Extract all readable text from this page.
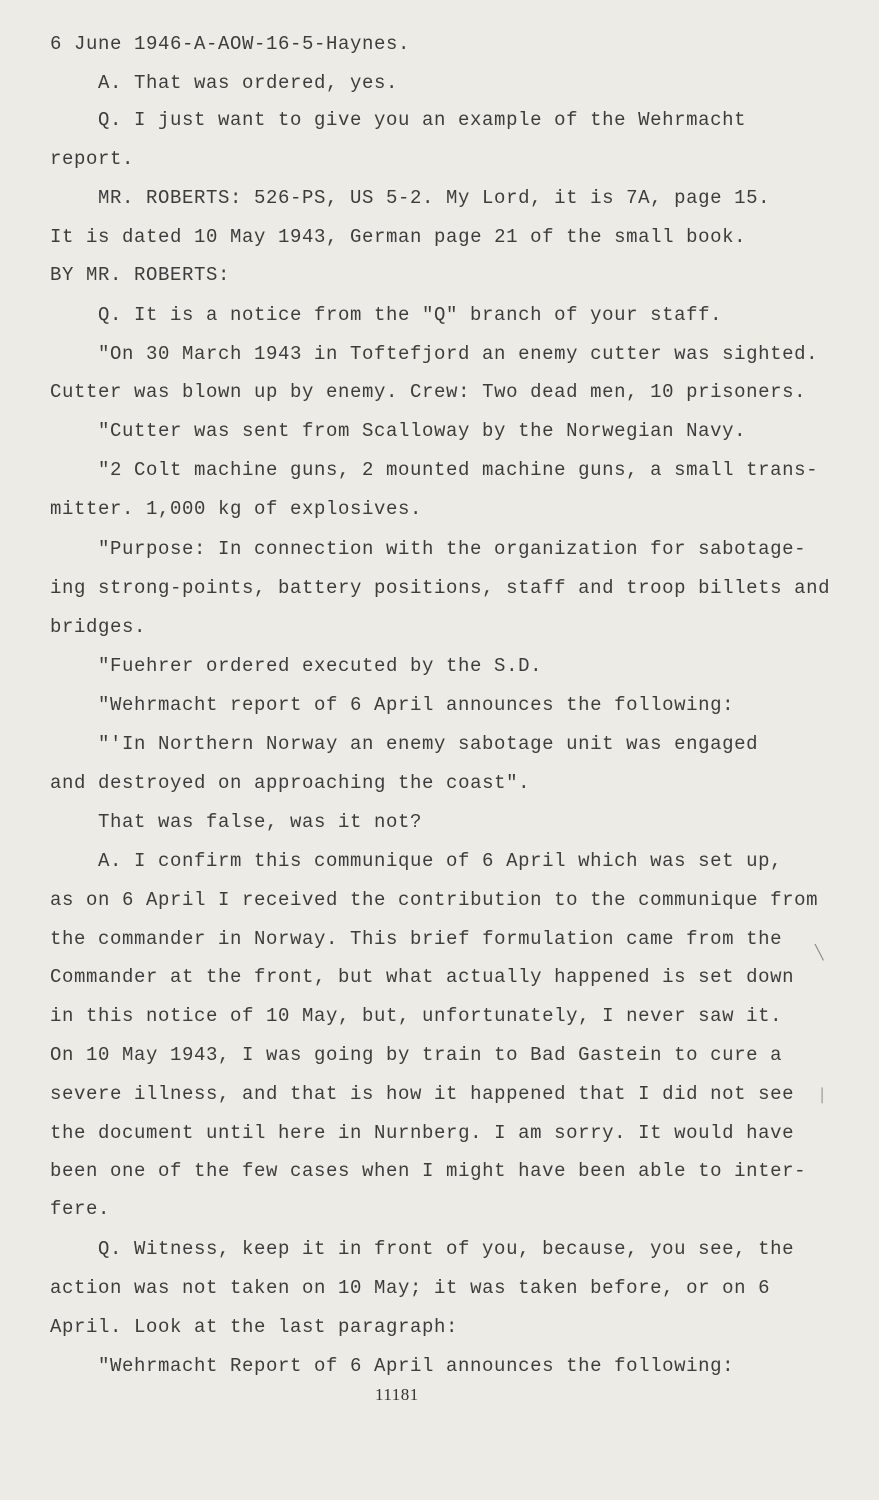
6 June 1946-A-AOW-16-5-Haynes.
A. That was ordered, yes.
Q. I just want to give you an example of the Wehrmacht
report.
MR. ROBERTS: 526-PS, US 5-2. My Lord, it is 7A, page 15.
It is dated 10 May 1943, German page 21 of the small book.
BY MR. ROBERTS:
Q. It is a notice from the "Q" branch of your staff.
"On 30 March 1943 in Toftefjord an enemy cutter was sighted.
Cutter was blown up by enemy. Crew: Two dead men, 10 prisoners.
"Cutter was sent from Scalloway by the Norwegian Navy.
"2 Colt machine guns, 2 mounted machine guns, a small trans-
mitter. 1,000 kg of explosives.
"Purpose: In connection with the organization for sabotage-
ing strong-points, battery positions, staff and troop billets and
bridges.
"Fuehrer ordered executed by the S.D.
"Wehrmacht report of 6 April announces the following:
"'In Northern Norway an enemy sabotage unit was engaged
and destroyed on approaching the coast".
That was false, was it not?
A. I confirm this communique of 6 April which was set up,
as on 6 April I received the contribution to the communique from
the commander in Norway. This brief formulation came from the
Commander at the front, but what actually happened is set down
in this notice of 10 May, but, unfortunately, I never saw it.
On 10 May 1943, I was going by train to Bad Gastein to cure a
severe illness, and that is how it happened that I did not see
the document until here in Nurnberg. I am sorry. It would have
been one of the few cases when I might have been able to inter-
fere.
Q. Witness, keep it in front of you, because, you see, the
action was not taken on 10 May; it was taken before, or on 6
April. Look at the last paragraph:
"Wehrmacht Report of 6 April announces the following:
11181
╲
│
